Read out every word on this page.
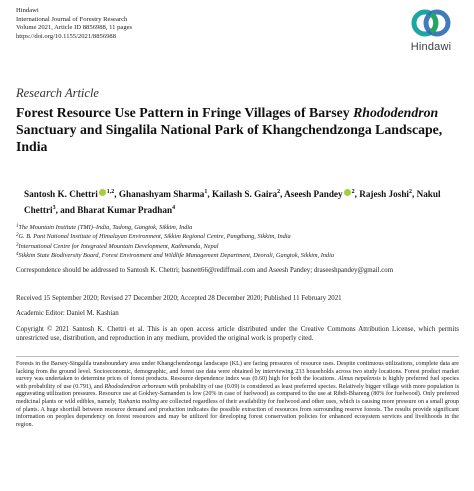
Hindawi
International Journal of Forestry Research
Volume 2021, Article ID 8856988, 11 pages
https://doi.org/10.1155/2021/8856988
Hindawi
Research Article
Forest Resource Use Pattern in Fringe Villages of Barsey Rhododendron Sanctuary and Singalila National Park of Khangchendzonga Landscape, India
Santosh K. Chettri $^{1,2}$, Ghanashyam Sharma$^1$, Kailash S. Gaira$^2$, Aseesh Pandey $^2$, Rajesh Joshi$^2$, Nakul Chettri$^3$, and Bharat Kumar Pradhan$^4$
$^1$The Mountain Institute (TMI)–India, Tadong, Gangtok, Sikkim, India
$^2$G. B. Pant National Institute of Himalayan Environment, Sikkim Regional Centre, Pangthang, Sikkim, India
$^3$International Centre for Integrated Mountain Development, Kathmandu, Nepal
$^4$Sikkim State Biodiversity Board, Forest Environment and Wildlife Management Department, Deorali, Gangtok, Sikkim, India
Correspondence should be addressed to Santosh K. Chettri; basnett66@rediffmail.com and Aseesh Pandey; draseeshpandey@gmail.com
Received 15 September 2020; Revised 27 December 2020; Accepted 28 December 2020; Published 11 February 2021
Academic Editor: Daniel M. Kashian
Copyright © 2021 Santosh K. Chettri et al. This is an open access article distributed under the Creative Commons Attribution License, which permits unrestricted use, distribution, and reproduction in any medium, provided the original work is properly cited.
Forests in the Barsey-Singalila transboundary area under Khangchendzonga landscape (KL) are facing pressures of resource uses. Despite continuous utilizations, complete data are lacking from the ground level. Socioeconomic, demographic, and forest use data were obtained by interviewing 233 households across two study locations. Forest product market survey was undertaken to determine prices of forest products. Resource dependence index was (0.60) high for both the locations. Almus nepalensis is highly preferred fuel species with probability of use (0.791), and Rhododendron arboreum with probability of use (0.09) is considered as least preferred species. Relatively bigger village with more population is aggravating utilization pressures. Resource use at Gokhey-Samanden is low (20% in case of fuelwood) as compared to the use at Ribdi-Bhareng (80% for fuelwood). Only preferred medicinal plants or wild edibles, namely, Yushania maling are collected regardless of their availability for fuelwood and other uses, which is causing more pressure on a small group of plants. A huge shortfall between resource demand and production indicates the possible extraction of resources from surrounding reserve forests. The results provide significant information on peoples dependency on forest resources and may be utilized for developing forest conservation policies for enhanced ecosystem services and livelihoods in the region.
